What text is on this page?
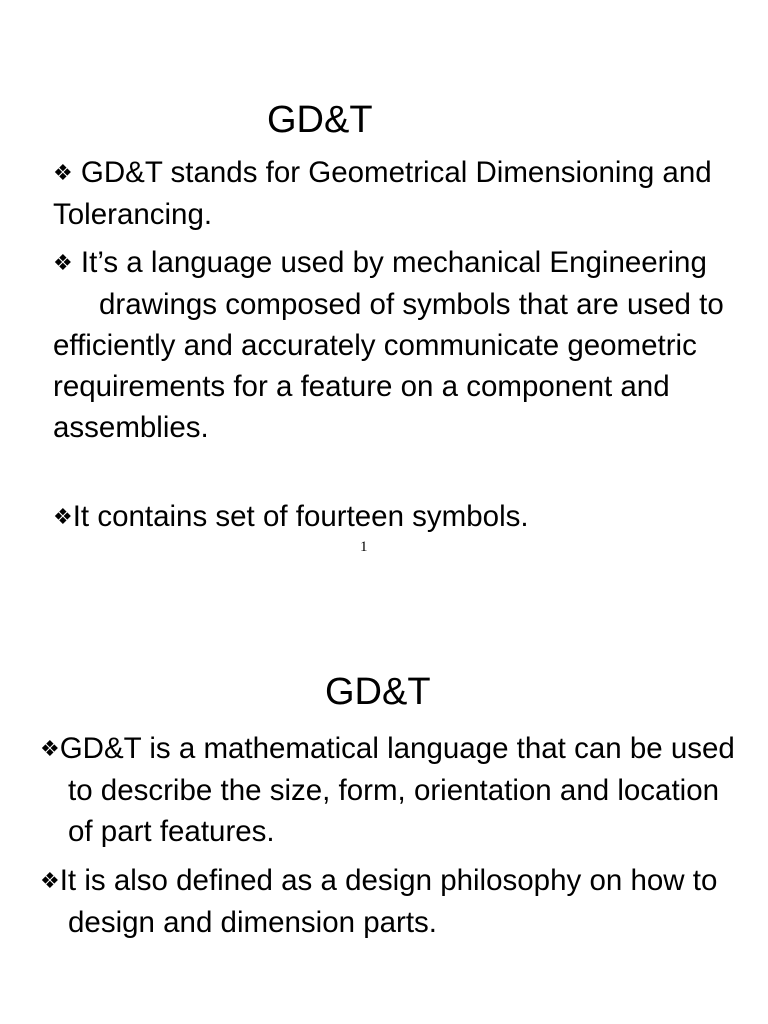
GD&T
❖ GD&T stands for Geometrical Dimensioning and Tolerancing.
❖ It’s a language used by mechanical Engineeringdrawings composed of symbols that are used to efficiently and accurately communicate geometric requirements for a feature on a component and assemblies.
❖It contains set of fourteen symbols.
1
GD&T
❖GD&T is a mathematical language that can be used to describe the size, form, orientation and location of part features.
❖It is also defined as a design philosophy on how to design and dimension parts.
